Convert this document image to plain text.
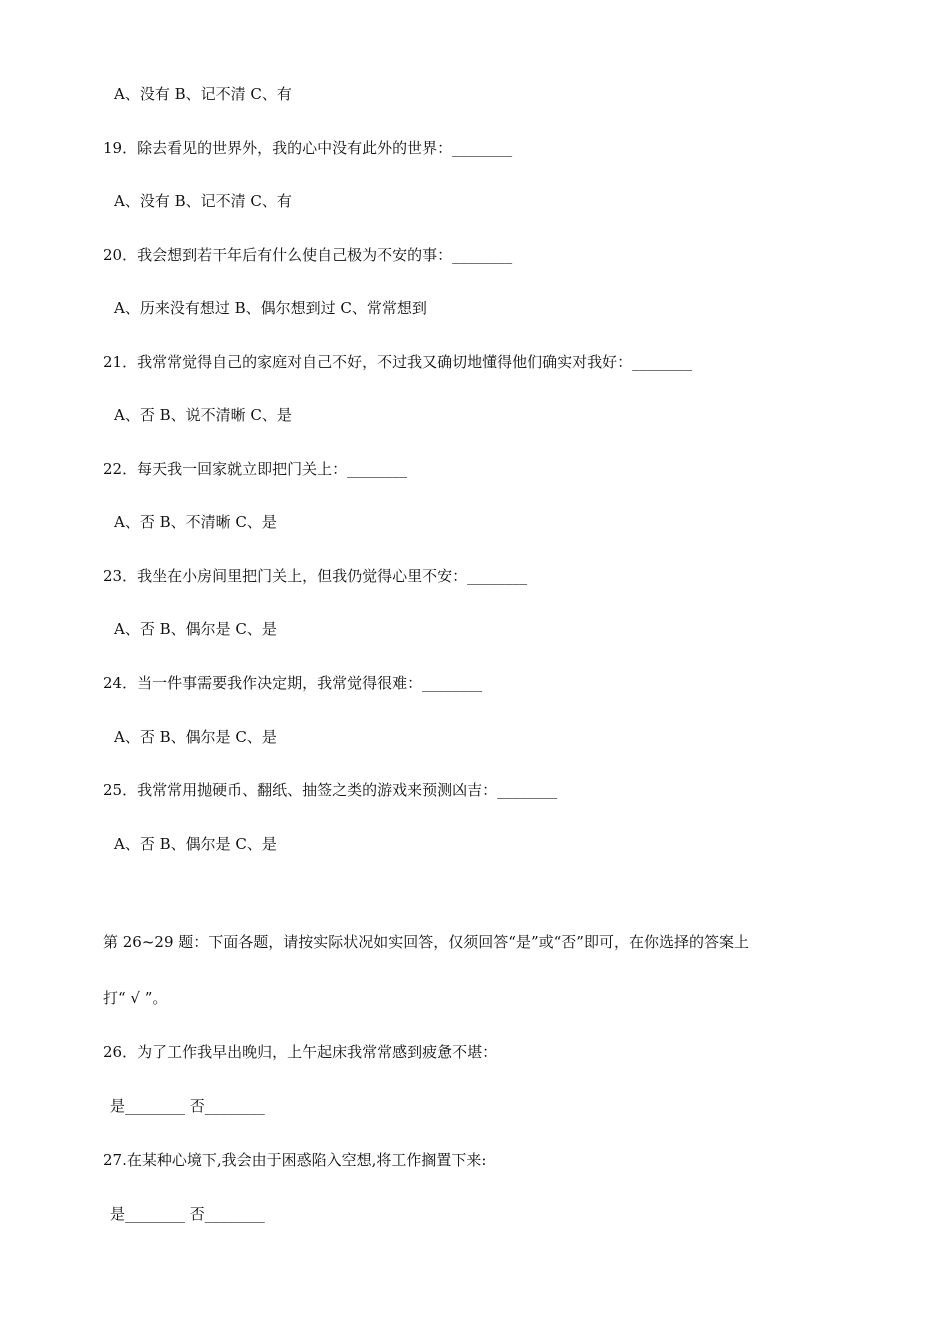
A、没有 B、记不清 C、有
19．除去看见的世界外，我的心中没有此外的世界：________
A、没有 B、记不清 C、有
20．我会想到若干年后有什么使自己极为不安的事：________
A、历来没有想过 B、偶尔想到过 C、常常想到
21．我常常觉得自己的家庭对自己不好，不过我又确切地懂得他们确实对我好：________
A、否 B、说不清晰 C、是
22．每天我一回家就立即把门关上：________
A、否 B、不清晰 C、是
23．我坐在小房间里把门关上，但我仍觉得心里不安：________
A、否 B、偶尔是 C、是
24．当一件事需要我作决定期，我常觉得很难：________
A、否 B、偶尔是 C、是
25．我常常用抛硬币、翻纸、抽签之类的游戏来预测凶吉：________
A、否 B、偶尔是 C、是
第 26~29 题：下面各题，请按实际状况如实回答，仅须回答“是”或“否”即可，在你选择的答案上
打“ √ ”。
26．为了工作我早出晚归，上午起床我常常感到疲惫不堪：
是________ 否________
27.在某种心境下,我会由于困惑陷入空想,将工作搁置下来:
是________ 否________
